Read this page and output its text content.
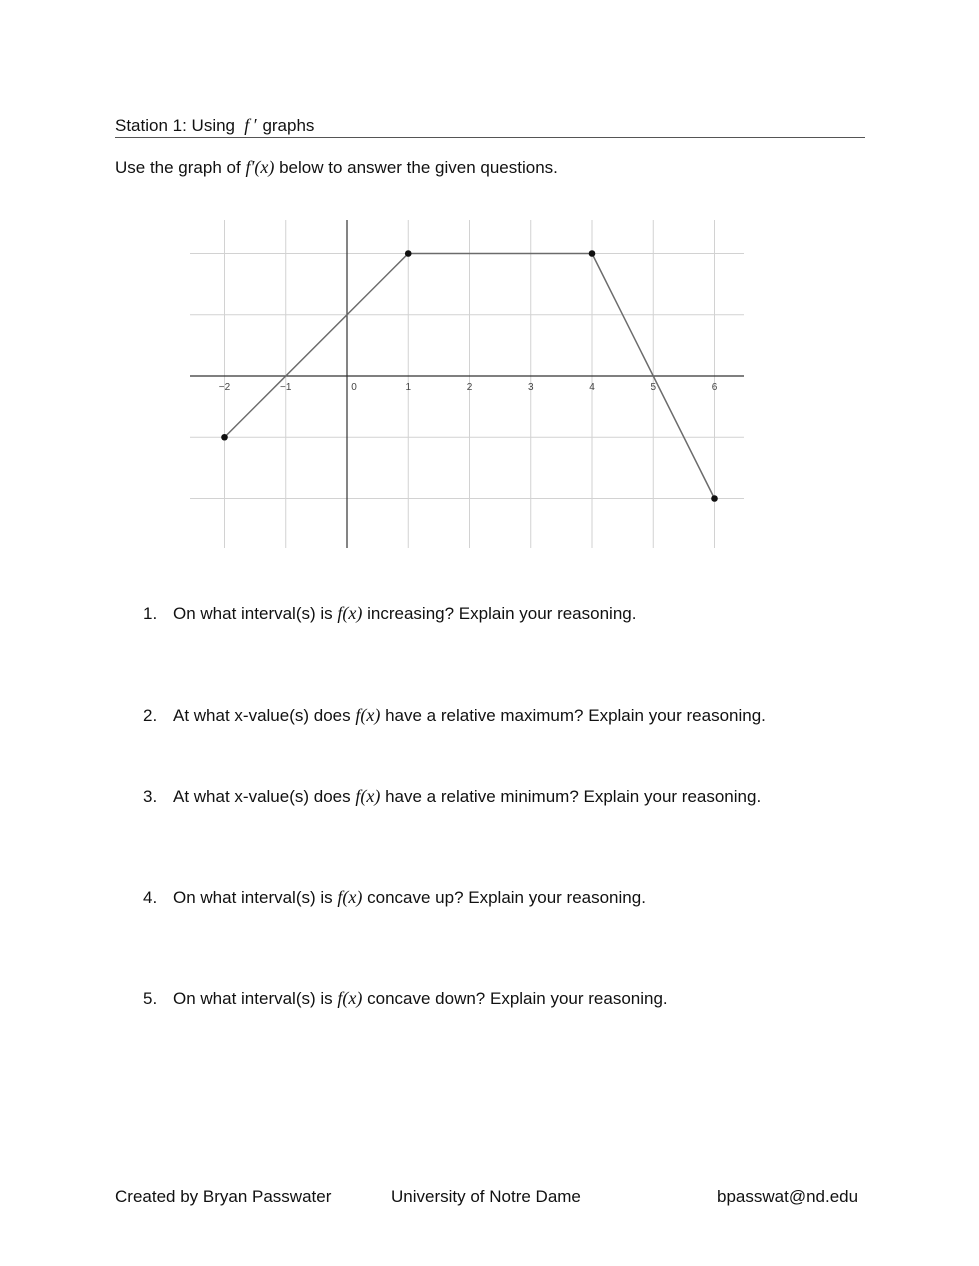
Station 1: Using f ′ graphs
Use the graph of f′(x) below to answer the given questions.
−2	−1	0	1	2	3	4	5	6
1. On what interval(s) is f(x) increasing? Explain your reasoning.
2. At what x-value(s) does f(x) have a relative maximum? Explain your reasoning.
3. At what x-value(s) does f(x) have a relative minimum? Explain your reasoning.
4. On what interval(s) is f(x) concave up? Explain your reasoning.
5. On what interval(s) is f(x) concave down? Explain your reasoning.
Created by Bryan Passwater	University of Notre Dame	bpasswat@nd.edu
